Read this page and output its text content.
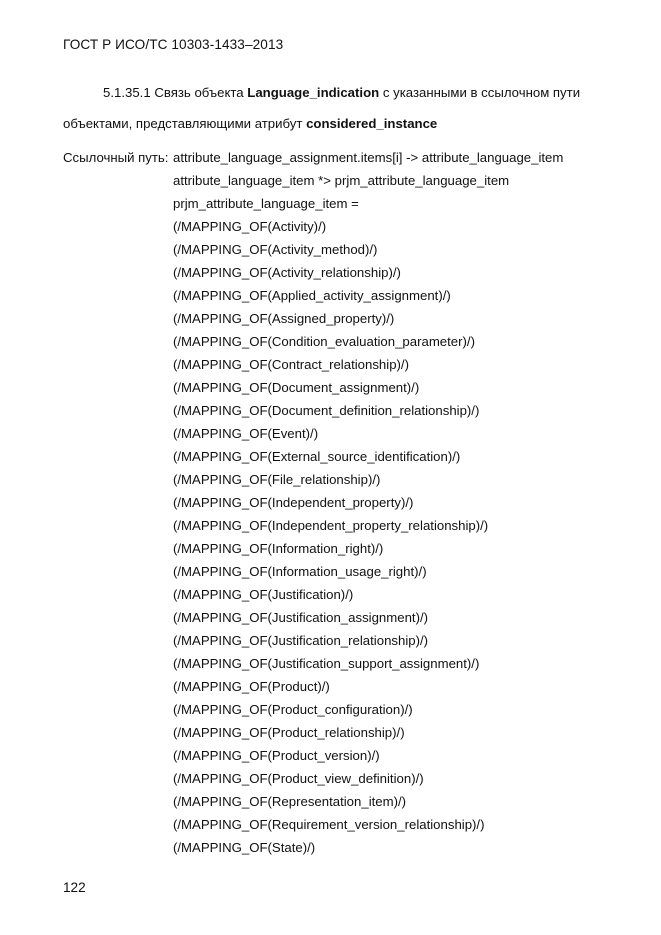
ГОСТ Р ИСО/ТС 10303-1433–2013
5.1.35.1 Связь объекта Language_indication с указанными в ссылочном пути
объектами, представляющими атрибут considered_instance
Ссылочный путь: attribute_language_assignment.items[i] -> attribute_language_item
attribute_language_item *> prjm_attribute_language_item
prjm_attribute_language_item =
(/MAPPING_OF(Activity)/)
(/MAPPING_OF(Activity_method)/)
(/MAPPING_OF(Activity_relationship)/)
(/MAPPING_OF(Applied_activity_assignment)/)
(/MAPPING_OF(Assigned_property)/)
(/MAPPING_OF(Condition_evaluation_parameter)/)
(/MAPPING_OF(Contract_relationship)/)
(/MAPPING_OF(Document_assignment)/)
(/MAPPING_OF(Document_definition_relationship)/)
(/MAPPING_OF(Event)/)
(/MAPPING_OF(External_source_identification)/)
(/MAPPING_OF(File_relationship)/)
(/MAPPING_OF(Independent_property)/)
(/MAPPING_OF(Independent_property_relationship)/)
(/MAPPING_OF(Information_right)/)
(/MAPPING_OF(Information_usage_right)/)
(/MAPPING_OF(Justification)/)
(/MAPPING_OF(Justification_assignment)/)
(/MAPPING_OF(Justification_relationship)/)
(/MAPPING_OF(Justification_support_assignment)/)
(/MAPPING_OF(Product)/)
(/MAPPING_OF(Product_configuration)/)
(/MAPPING_OF(Product_relationship)/)
(/MAPPING_OF(Product_version)/)
(/MAPPING_OF(Product_view_definition)/)
(/MAPPING_OF(Representation_item)/)
(/MAPPING_OF(Requirement_version_relationship)/)
(/MAPPING_OF(State)/)
122
